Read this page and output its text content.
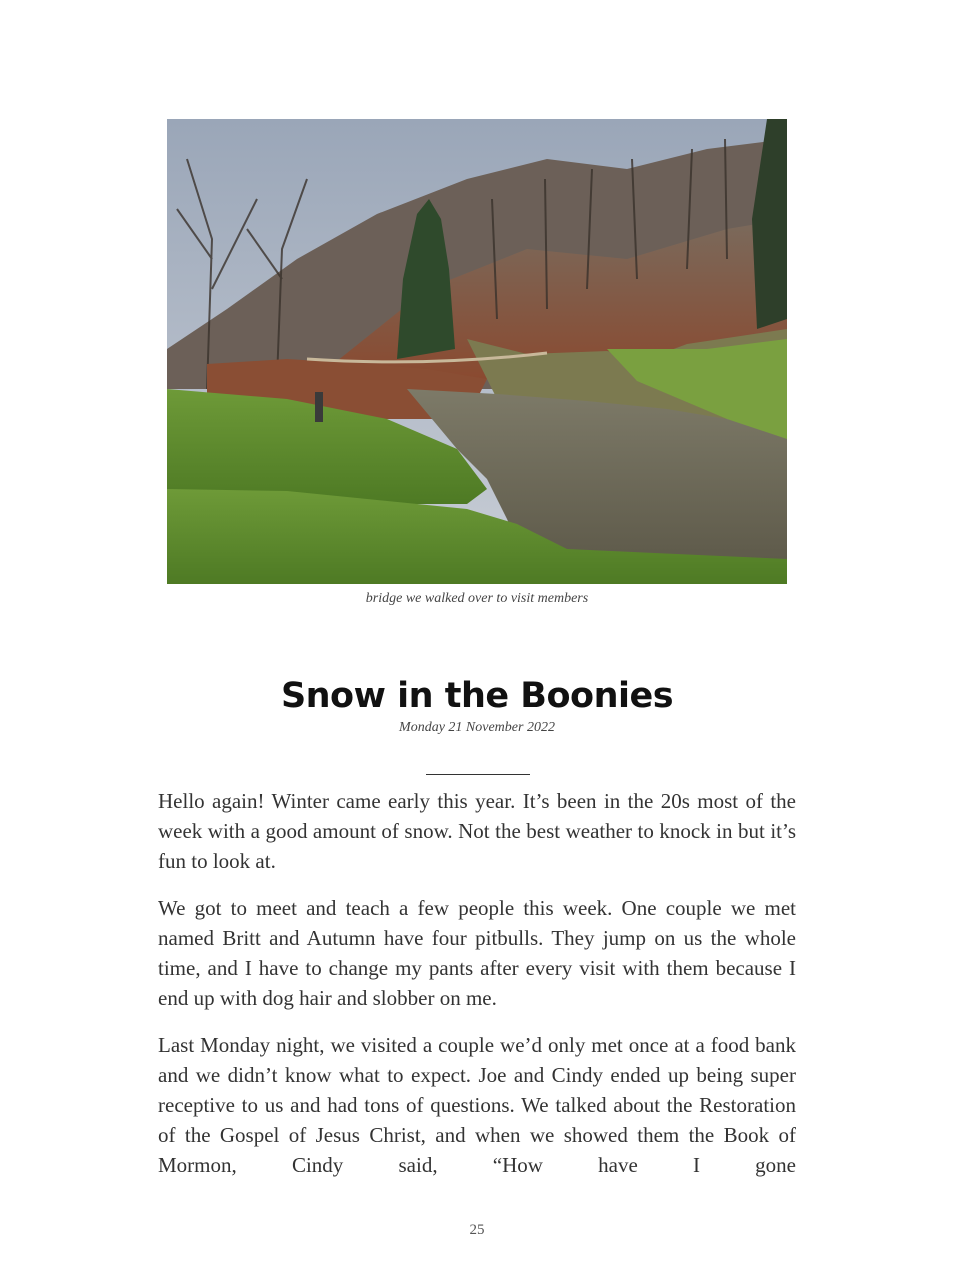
bridge we walked over to visit members
Snow in the Boonies
Monday 21 November 2022

Hello again! Winter came early this year. It’s been in the 20s most of the week with a good amount of snow. Not the best weather to knock in but it’s fun to look at.

We got to meet and teach a few people this week. One couple we met named Britt and Autumn have four pitbulls. They jump on us the whole time, and I have to change my pants after every visit with them because I end up with dog hair and slobber on me.

Last Monday night, we visited a couple we’d only met once at a food bank and we didn’t know what to expect. Joe and Cindy ended up being super receptive to us and had tons of questions. We talked about the Restoration of the Gospel of Jesus Christ, and when we showed them the Book of Mormon, Cindy said, “How have I gone

25
